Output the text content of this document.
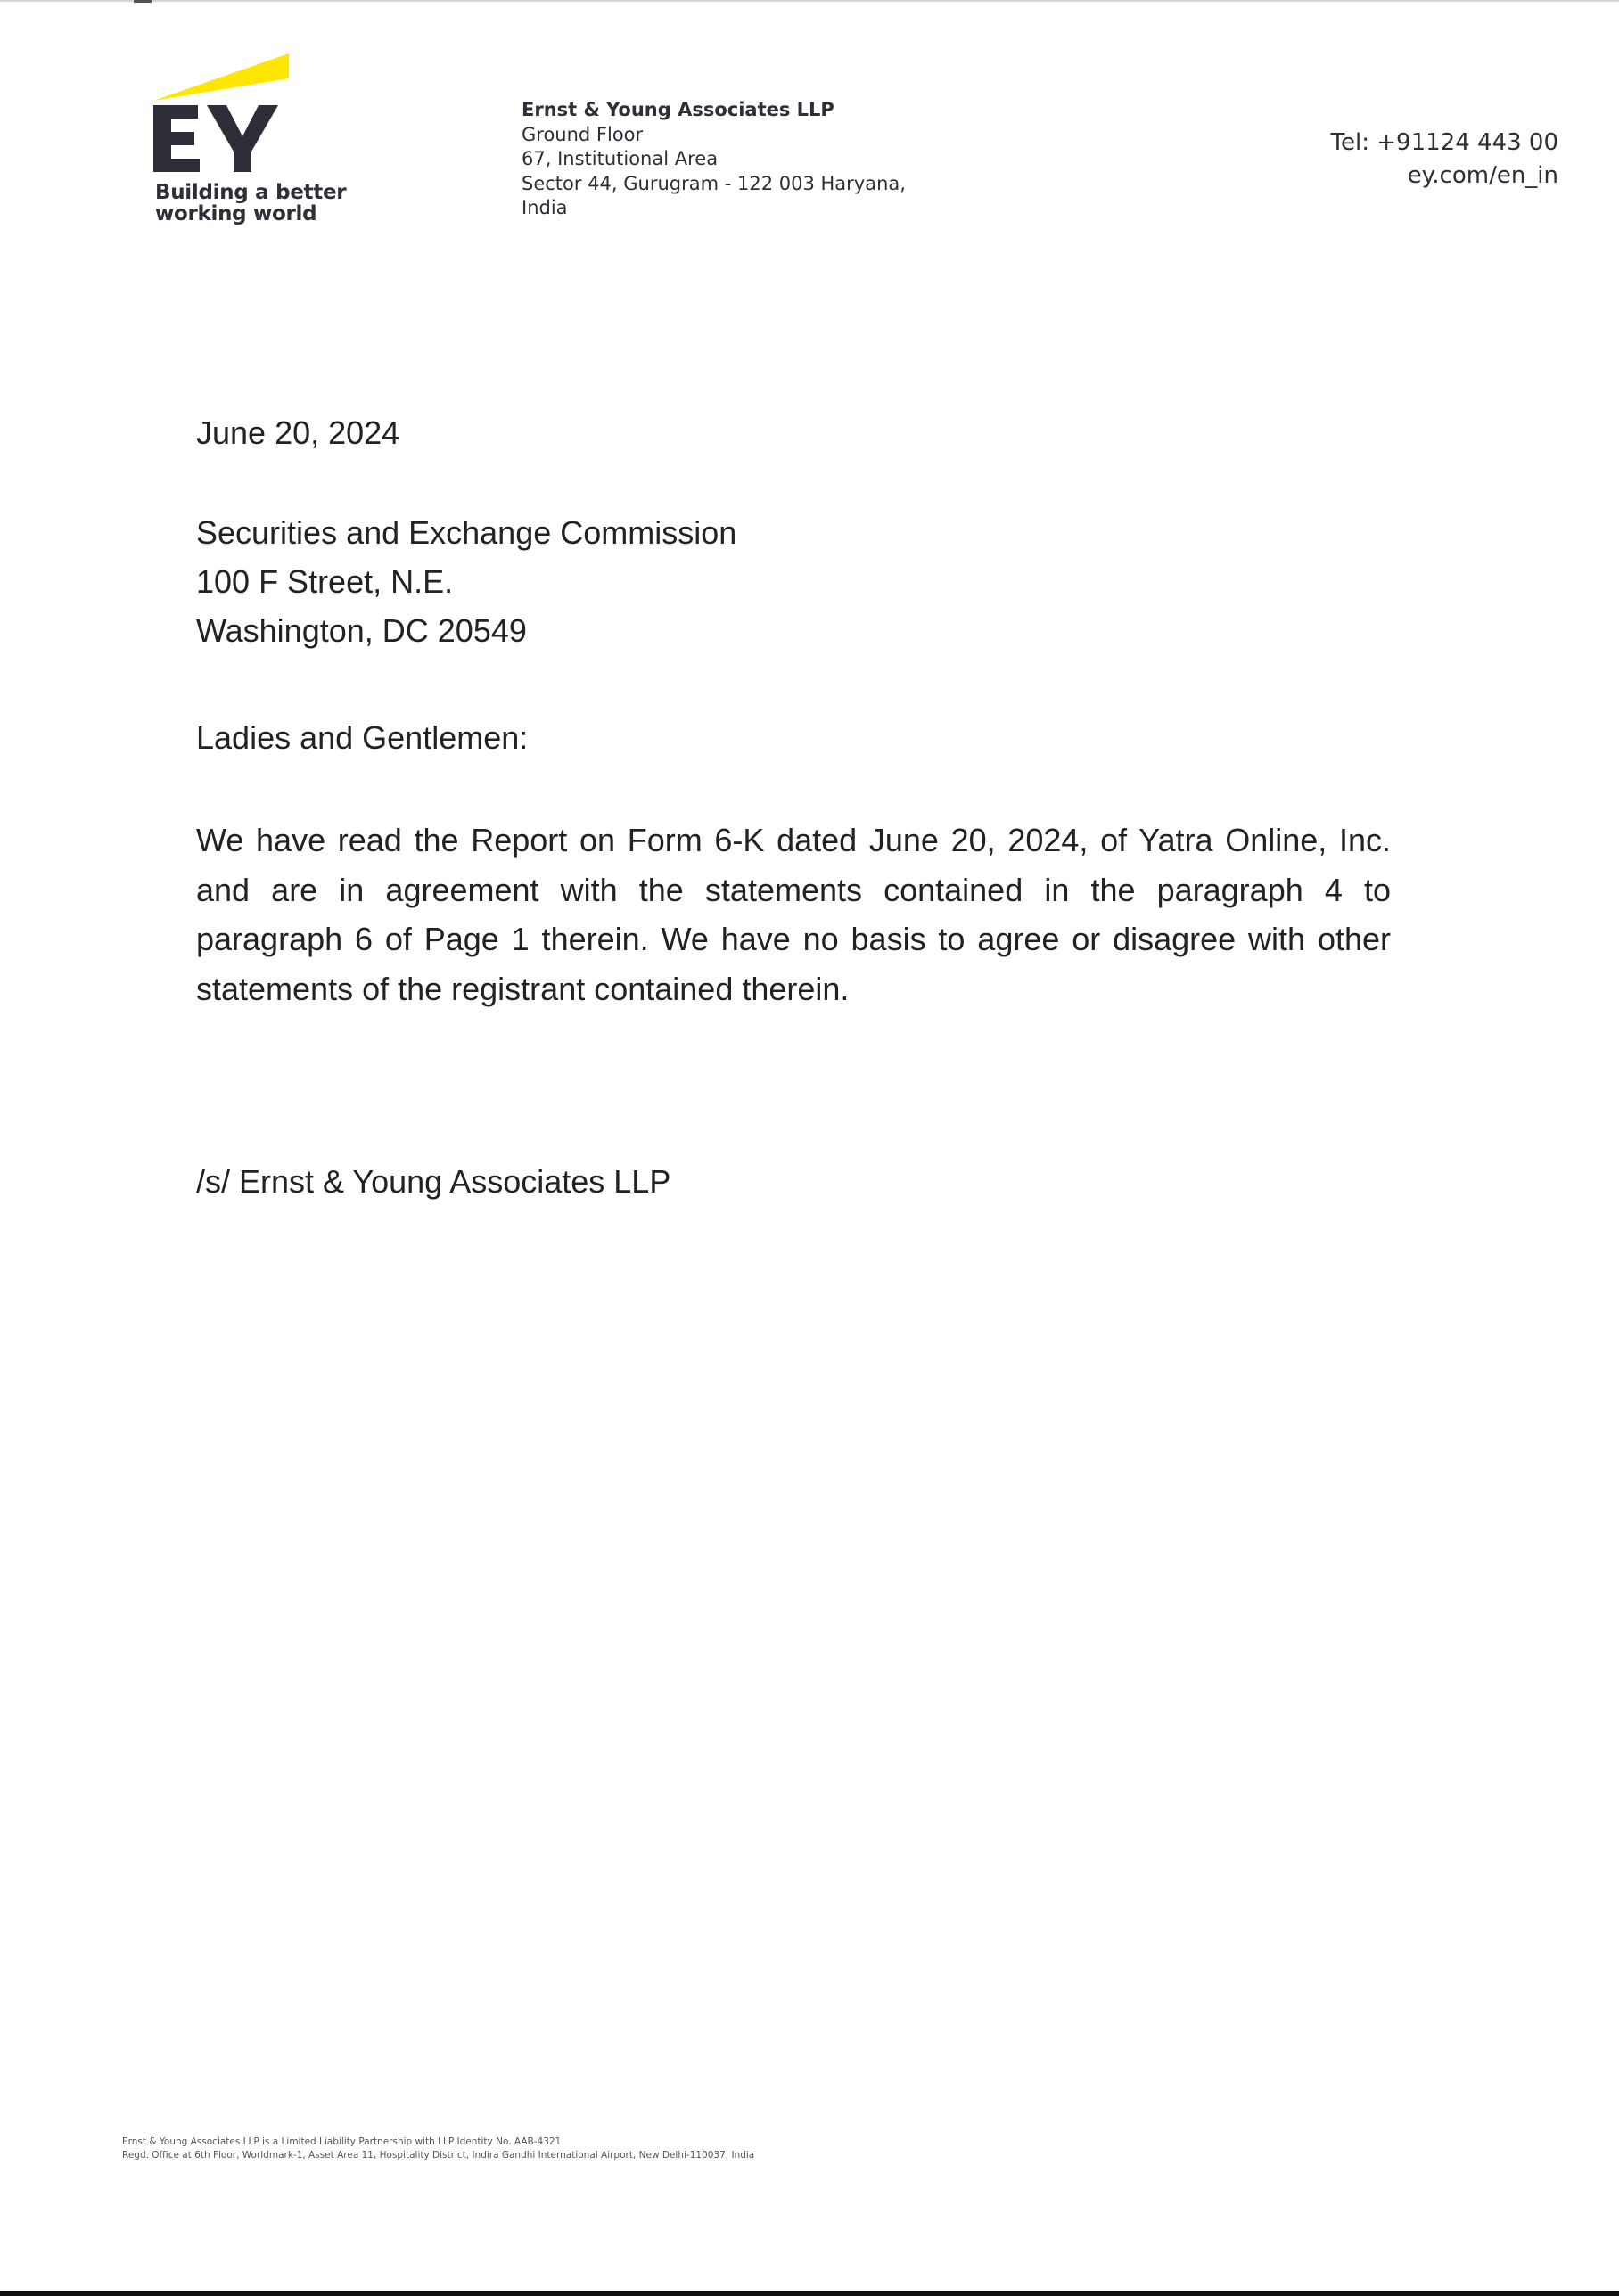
Building a better
working world
Ernst & Young Associates LLP
Ground Floor
67, Institutional Area
Sector 44, Gurugram - 122 003 Haryana,
India
Tel: +91124 443 00
ey.com/en_in
June 20, 2024
Securities and Exchange Commission
100 F Street, N.E.
Washington, DC 20549
Ladies and Gentlemen:
We have read the Report on Form 6-K dated June 20, 2024, of Yatra Online, Inc. and are in agreement with the statements contained in the paragraph 4 to paragraph 6 of Page 1 therein. We have no basis to agree or disagree with other statements of the registrant contained therein.
/s/ Ernst & Young Associates LLP
Ernst & Young Associates LLP is a Limited Liability Partnership with LLP Identity No. AAB-4321
Regd. Office at 6th Floor, Worldmark-1, Asset Area 11, Hospitality District, Indira Gandhi International Airport, New Delhi-110037, India
